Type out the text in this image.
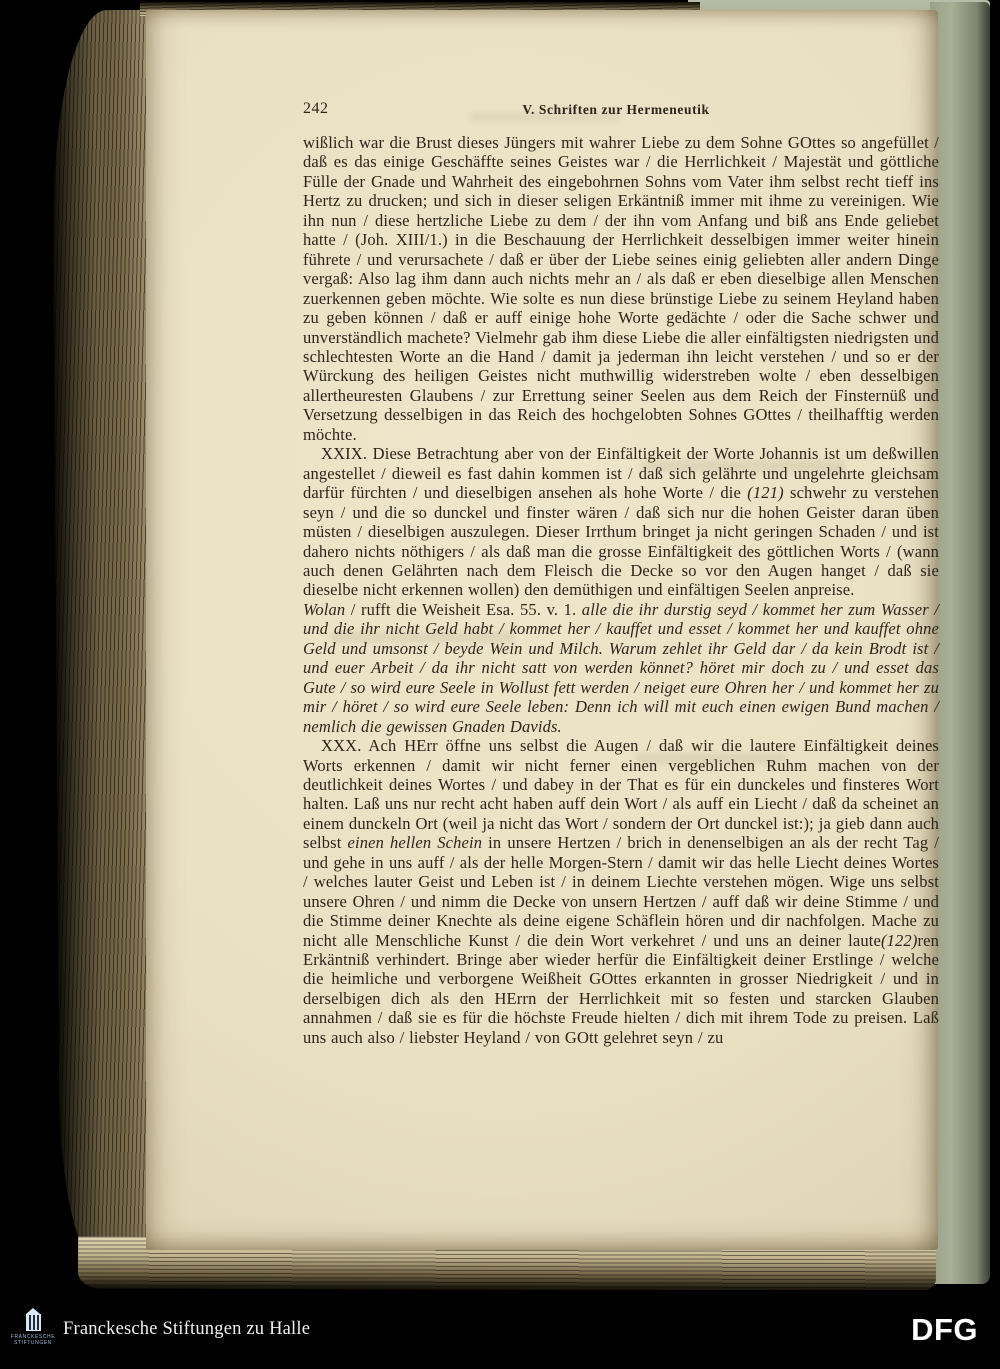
242	V. Schriften zur Hermeneutik

wißlich war die Brust dieses Jüngers mit wahrer Liebe zu dem Sohne GOttes so angefüllet / daß es das einige Geschäffte seines Geistes war / die Herrlichkeit / Majestät und göttliche Fülle der Gnade und Wahrheit des eingebohrnen Sohns vom Vater ihm selbst recht tieff ins Hertz zu drucken; und sich in dieser seligen Erkäntniß immer mit ihme zu vereinigen. Wie ihn nun / diese hertzliche Liebe zu dem / der ihn vom Anfang und biß ans Ende geliebet hatte / (Joh. XIII/1.) in die Beschauung der Herrlichkeit desselbigen immer weiter hinein führete / und verursachete / daß er über der Liebe seines einig geliebten aller andern Dinge vergaß: Also lag ihm dann auch nichts mehr an / als daß er eben dieselbige allen Menschen zuerkennen geben möchte. Wie solte es nun diese brünstige Liebe zu seinem Heyland haben zu geben können / daß er auff einige hohe Worte gedächte / oder die Sache schwer und unverständlich machete? Vielmehr gab ihm diese Liebe die aller einfältigsten niedrigsten und schlechtesten Worte an die Hand / damit ja jederman ihn leicht verstehen / und so er der Würckung des heiligen Geistes nicht muthwillig widerstreben wolte / eben desselbigen allertheuresten Glaubens / zur Errettung seiner Seelen aus dem Reich der Finsternüß und Versetzung desselbigen in das Reich des hochgelobten Sohnes GOttes / theilhafftig werden möchte.

XXIX. Diese Betrachtung aber von der Einfältigkeit der Worte Johannis ist um deßwillen angestellet / dieweil es fast dahin kommen ist / daß sich gelährte und ungelehrte gleichsam darfür fürchten / und dieselbigen ansehen als hohe Worte / die (121) schwehr zu verstehen seyn / und die so dunckel und finster wären / daß sich nur die hohen Geister daran üben müsten / dieselbigen auszulegen. Dieser Irrthum bringet ja nicht geringen Schaden / und ist dahero nichts nöthigers / als daß man die grosse Einfältigkeit des göttlichen Worts / (wann auch denen Gelährten nach dem Fleisch die Decke so vor den Augen hanget / daß sie dieselbe nicht erkennen wollen) den demüthigen und einfältigen Seelen anpreise.

Wolan / rufft die Weisheit Esa. 55. v. 1. alle die ihr durstig seyd / kommet her zum Wasser / und die ihr nicht Geld habt / kommet her / kauffet und esset / kommet her und kauffet ohne Geld und umsonst / beyde Wein und Milch. Warum zehlet ihr Geld dar / da kein Brodt ist / und euer Arbeit / da ihr nicht satt von werden könnet? höret mir doch zu / und esset das Gute / so wird eure Seele in Wollust fett werden / neiget eure Ohren her / und kommet her zu mir / höret / so wird eure Seele leben: Denn ich will mit euch einen ewigen Bund machen / nemlich die gewissen Gnaden Davids.

XXX. Ach HErr öffne uns selbst die Augen / daß wir die lautere Einfältigkeit deines Worts erkennen / damit wir nicht ferner einen vergeblichen Ruhm machen von der deutlichkeit deines Wortes / und dabey in der That es für ein dunckeles und finsteres Wort halten. Laß uns nur recht acht haben auff dein Wort / als auff ein Liecht / daß da scheinet an einem dunckeln Ort (weil ja nicht das Wort / sondern der Ort dunckel ist:); ja gieb dann auch selbst einen hellen Schein in unsere Hertzen / brich in denenselbigen an als der recht Tag / und gehe in uns auff / als der helle Morgen-Stern / damit wir das helle Liecht deines Wortes / welches lauter Geist und Leben ist / in deinem Liechte verstehen mögen. Wige uns selbst unsere Ohren / und nimm die Decke von unsern Hertzen / auff daß wir deine Stimme / und die Stimme deiner Knechte als deine eigene Schäflein hören und dir nachfolgen. Mache zu nicht alle Menschliche Kunst / die dein Wort verkehret / und uns an deiner laute(122)ren Erkäntniß verhindert. Bringe aber wieder herfür die Einfältigkeit deiner Erstlinge / welche die heimliche und verborgene Weißheit GOttes erkannten in grosser Niedrigkeit / und in derselbigen dich als den HErrn der Herrlichkeit mit so festen und starcken Glauben annahmen / daß sie es für die höchste Freude hielten / dich mit ihrem Tode zu preisen. Laß uns auch also / liebster Heyland / von GOtt gelehret seyn / zu

FRANCKESCHE
STIFTUNGEN
Franckesche Stiftungen zu Halle	DFG
